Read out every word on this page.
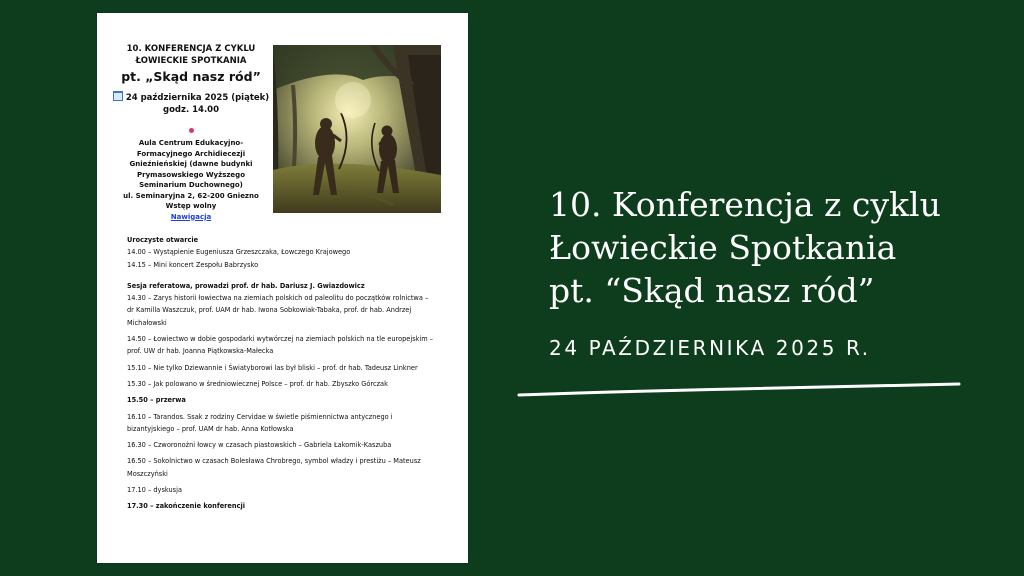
10. KONFERENCJA Z CYKLU
ŁOWIECKIE SPOTKANIA
pt. „Skąd nasz ród”
24 października 2025 (piątek)
godz. 14.00
Aula Centrum Edukacyjno-
Formacyjnego Archidiecezji
Gnieźnieńskiej (dawne budynki
Prymasowskiego Wyższego
Seminarium Duchownego)
ul. Seminaryjna 2, 62-200 Gniezno
Wstęp wolny
Nawigacja
Uroczyste otwarcie
14.00 – Wystąpienie Eugeniusza Grzeszczaka, Łowczego Krajowego
14.15 – Mini koncert Zespołu Babrzysko
Sesja referatowa, prowadzi prof. dr hab. Dariusz J. Gwiazdowicz
14.30 – Zarys historii łowiectwa na ziemiach polskich od paleolitu do początków rolnictwa –
dr Kamilla Waszczuk, prof. UAM dr hab. Iwona Sobkowiak-Tabaka, prof. dr hab. Andrzej
Michałowski
14.50 – Łowiectwo w dobie gospodarki wytwórczej na ziemiach polskich na tle europejskim –
prof. UW dr hab. Joanna Piątkowska-Małecka
15.10 – Nie tylko Dziewannie i Światyborowi las był bliski – prof. dr hab. Tadeusz Linkner
15.30 – Jak polowano w średniowiecznej Polsce – prof. dr hab. Zbyszko Górczak
15.50 – przerwa
16.10 – Tarandos. Ssak z rodziny Cervidae w świetle piśmiennictwa antycznego i
bizantyjskiego – prof. UAM dr hab. Anna Kotłowska
16.30 – Czworonożni łowcy w czasach piastowskich – Gabriela Łakomik-Kaszuba
16.50 – Sokolnictwo w czasach Bolesława Chrobrego, symbol władzy i prestiżu – Mateusz
Moszczyński
17.10 – dyskusja
17.30 – zakończenie konferencji
10. Konferencja z cyklu
Łowieckie Spotkania
pt. “Skąd nasz ród”
24 PAŹDZIERNIKA 2025 R.
